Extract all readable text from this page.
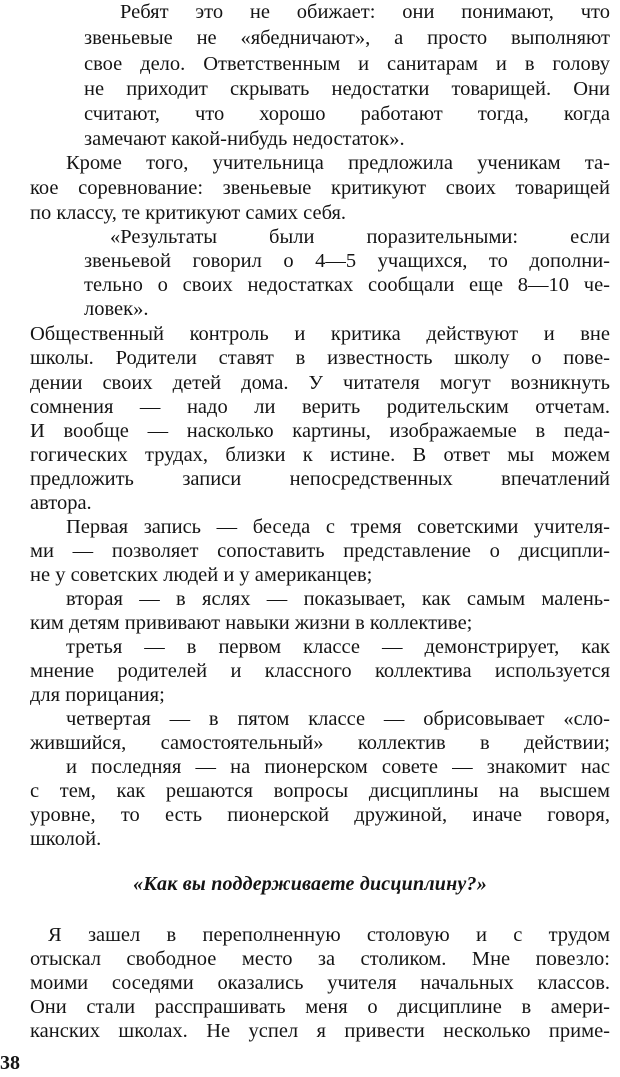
Ребят это не обижает: они понимают, что

звеньевые не «ябедничают», а просто выполняют

свое дело. Ответственным и санитарам и в голову

не приходит скрывать недостатки товарищей. Они

считают, что хорошо работают тогда, когда

замечают какой-нибудь недостаток».

Кроме того, учительница предложила ученикам та-

кое соревнование: звеньевые критикуют своих товарищей

по классу, те критикуют самих себя.

«Результаты были поразительными: если

звеньевой говорил о 4—5 учащихся, то дополни-

тельно о своих недостатках сообщали еще 8—10 че-

ловек».

Общественный контроль и критика действуют и вне

школы. Родители ставят в известность школу о пове-

дении своих детей дома. У читателя могут возникнуть

сомнения — надо ли верить родительским отчетам.

И вообще — насколько картины, изображаемые в педа-

гогических трудах, близки к истине. В ответ мы можем

предложить записи непосредственных впечатлений

автора.

Первая запись — беседа с тремя советскими учителя-

ми — позволяет сопоставить представление о дисципли-

не у советских людей и у американцев;

вторая — в яслях — показывает, как самым малень-

ким детям прививают навыки жизни в коллективе;

третья — в первом классе — демонстрирует, как

мнение родителей и классного коллектива используется

для порицания;

четвертая — в пятом классе — обрисовывает «сло-

жившийся, самостоятельный» коллектив в действии;

и последняя — на пионерском совете — знакомит нас

с тем, как решаются вопросы дисциплины на высшем

уровне, то есть пионерской дружиной, иначе говоря,

школой.

«Как вы поддерживаете дисциплину?»

Я зашел в переполненную столовую и с трудом

отыскал свободное место за столиком. Мне повезло:

моими соседями оказались учителя начальных классов.

Они стали расспрашивать меня о дисциплине в амери-

канских школах. Не успел я привести несколько приме-

38
